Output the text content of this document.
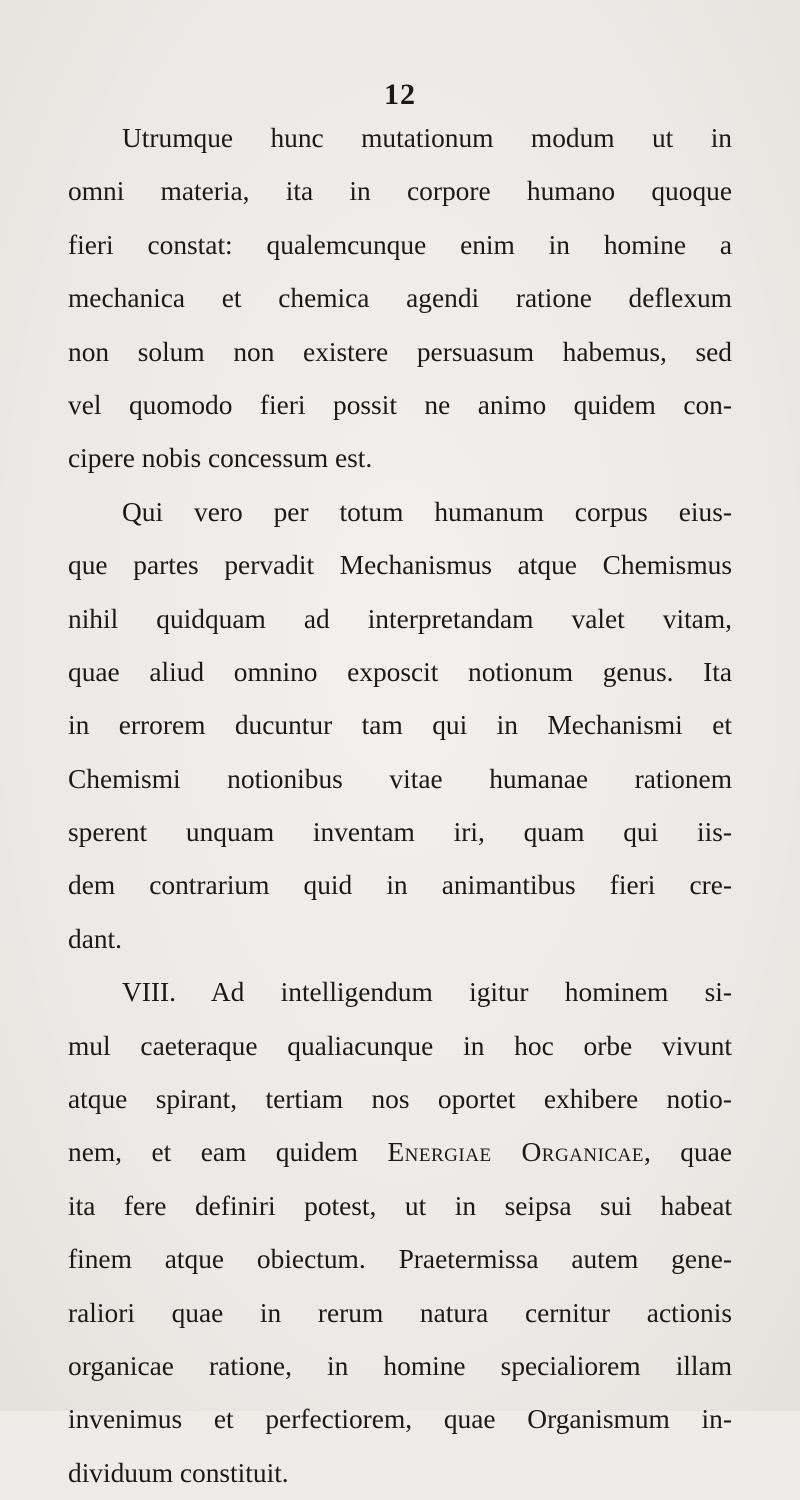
12
Utrumque hunc mutationum modum ut in
omni materia, ita in corpore humano quoque
fieri constat: qualemcunque enim in homine a
mechanica et chemica agendi ratione deflexum
non solum non existere persuasum habemus, sed
vel quomodo fieri possit ne animo quidem con-
cipere nobis concessum est.
Qui vero per totum humanum corpus eius-
que partes pervadit Mechanismus atque Chemismus
nihil quidquam ad interpretandam valet vitam,
quae aliud omnino exposcit notionum genus. Ita
in errorem ducuntur tam qui in Mechanismi et
Chemismi notionibus vitae humanae rationem
sperent unquam inventam iri, quam qui iis-
dem contrarium quid in animantibus fieri cre-
dant.
VIII. Ad intelligendum igitur hominem si-
mul caeteraque qualiacunque in hoc orbe vivunt
atque spirant, tertiam nos oportet exhibere notio-
nem, et eam quidem Energiae Organicae, quae
ita fere definiri potest, ut in seipsa sui habeat
finem atque obiectum. Praetermissa autem gene-
raliori quae in rerum natura cernitur actionis
organicae ratione, in homine specialiorem illam
invenimus et perfectiorem, quae Organismum in-
dividuum constituit.
